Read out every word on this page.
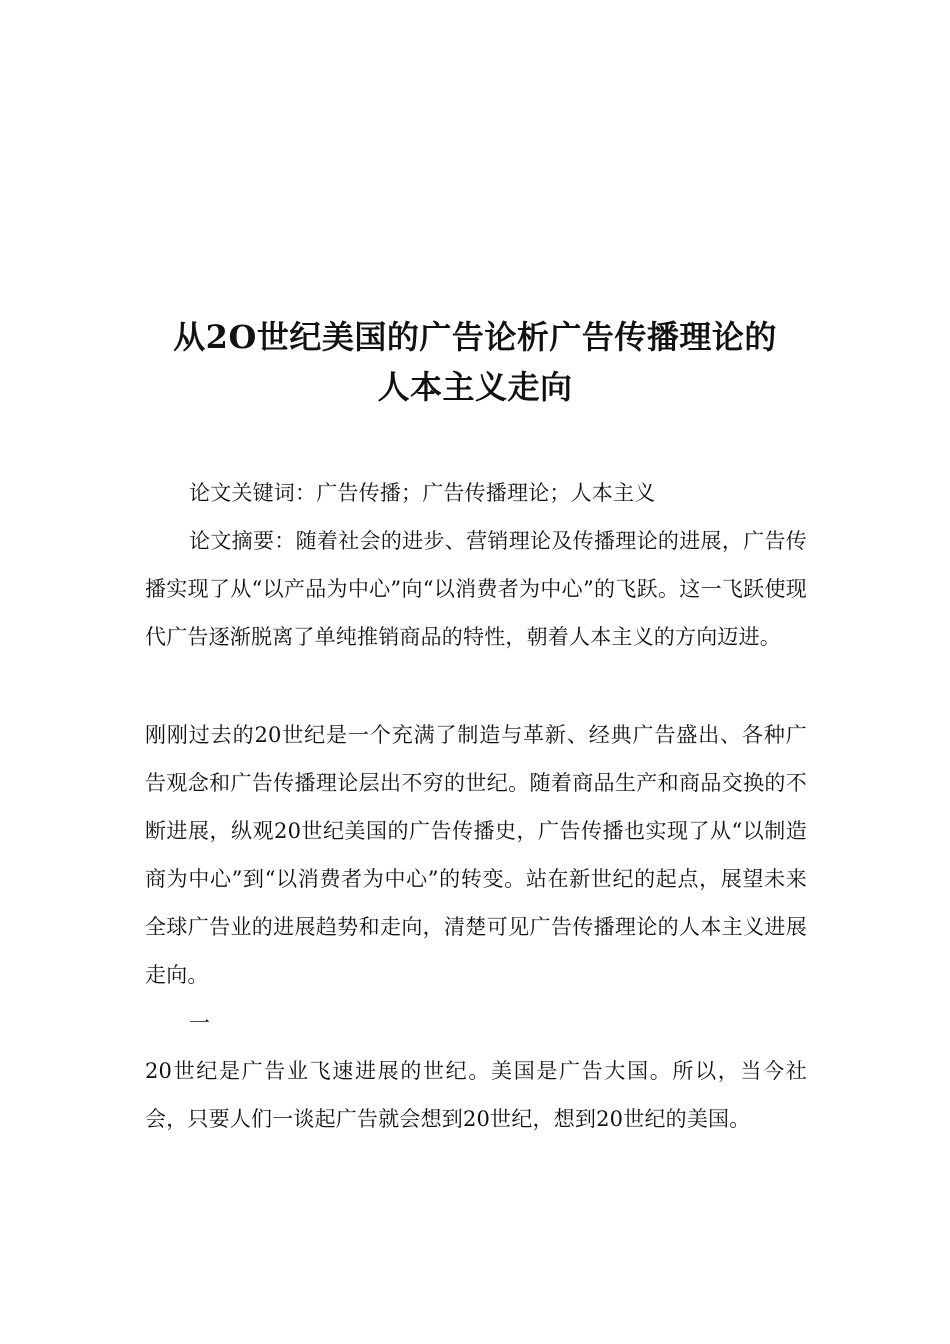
从2O世纪美国的广告论析广告传播理论的
人本主义走向

论文关键词：广告传播；广告传播理论；人本主义

论文摘要：随着社会的进步、营销理论及传播理论的进展，广告传播实现了从“以产品为中心”向“以消费者为中心”的飞跃。这一飞跃使现代广告逐渐脱离了单纯推销商品的特性，朝着人本主义的方向迈进。

刚刚过去的20世纪是一个充满了制造与革新、经典广告盛出、各种广告观念和广告传播理论层出不穷的世纪。随着商品生产和商品交换的不断进展，纵观20世纪美国的广告传播史，广告传播也实现了从“以制造商为中心”到“以消费者为中心”的转变。站在新世纪的起点，展望未来全球广告业的进展趋势和走向，清楚可见广告传播理论的人本主义进展走向。

一

20世纪是广告业飞速进展的世纪。美国是广告大国。所以，当今社会，只要人们一谈起广告就会想到20世纪，想到20世纪的美国。
